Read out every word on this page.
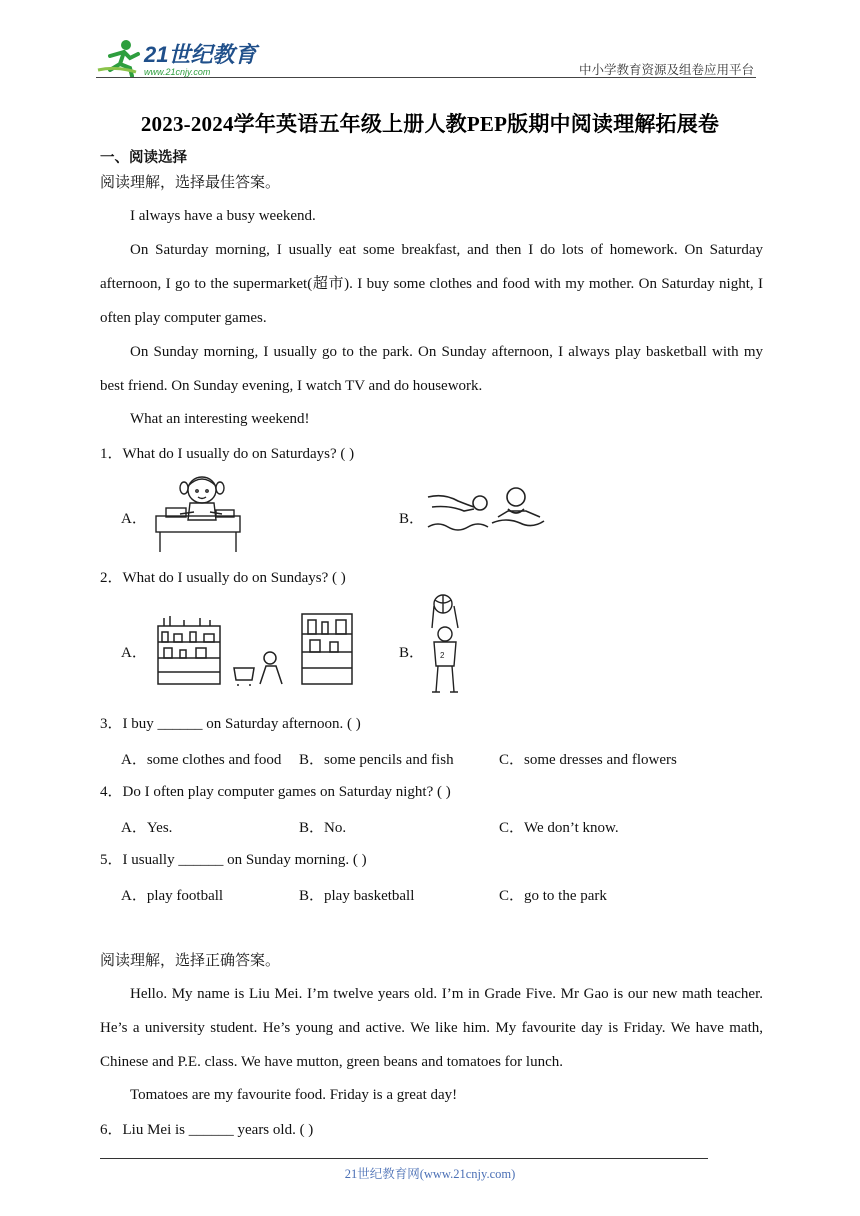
21世纪教育
www.21cnjy.com	中小学教育资源及组卷应用平台
2023-2024学年英语五年级上册人教PEP版期中阅读理解拓展卷
一、阅读选择
阅读理解，选择最佳答案。
I always have a busy weekend.
On Saturday morning, I usually eat some breakfast, and then I do lots of homework. On Saturday afternoon, I go to the supermarket(超市). I buy some clothes and food with my mother. On Saturday night, I often play computer games.
On Sunday morning, I usually go to the park. On Sunday afternoon, I always play basketball with my best friend. On Sunday evening, I watch TV and do housework.
What an interesting weekend!
1．What do I usually do on Saturdays? ( )
A．	B．
2．What do I usually do on Sundays? ( )
A．	B． 2
3．I buy ______ on Saturday afternoon. ( )
A．some clothes and food B．some pencils and fish	C．some dresses and flowers
4．Do I often play computer games on Saturday night? ( )
A．Yes.	B．No.	C．We don’t know.
5．I usually ______ on Sunday morning. ( )
A．play football	B．play basketball	C．go to the park
阅读理解，选择正确答案。
Hello. My name is Liu Mei. I’m twelve years old. I’m in Grade Five. Mr Gao is our new math teacher. He’s a university student. He’s young and active. We like him. My favourite day is Friday. We have math, Chinese and P.E. class. We have mutton, green beans and tomatoes for lunch.
Tomatoes are my favourite food. Friday is a great day!
6．Liu Mei is ______ years old. ( )
21世纪教育网(www.21cnjy.com)
